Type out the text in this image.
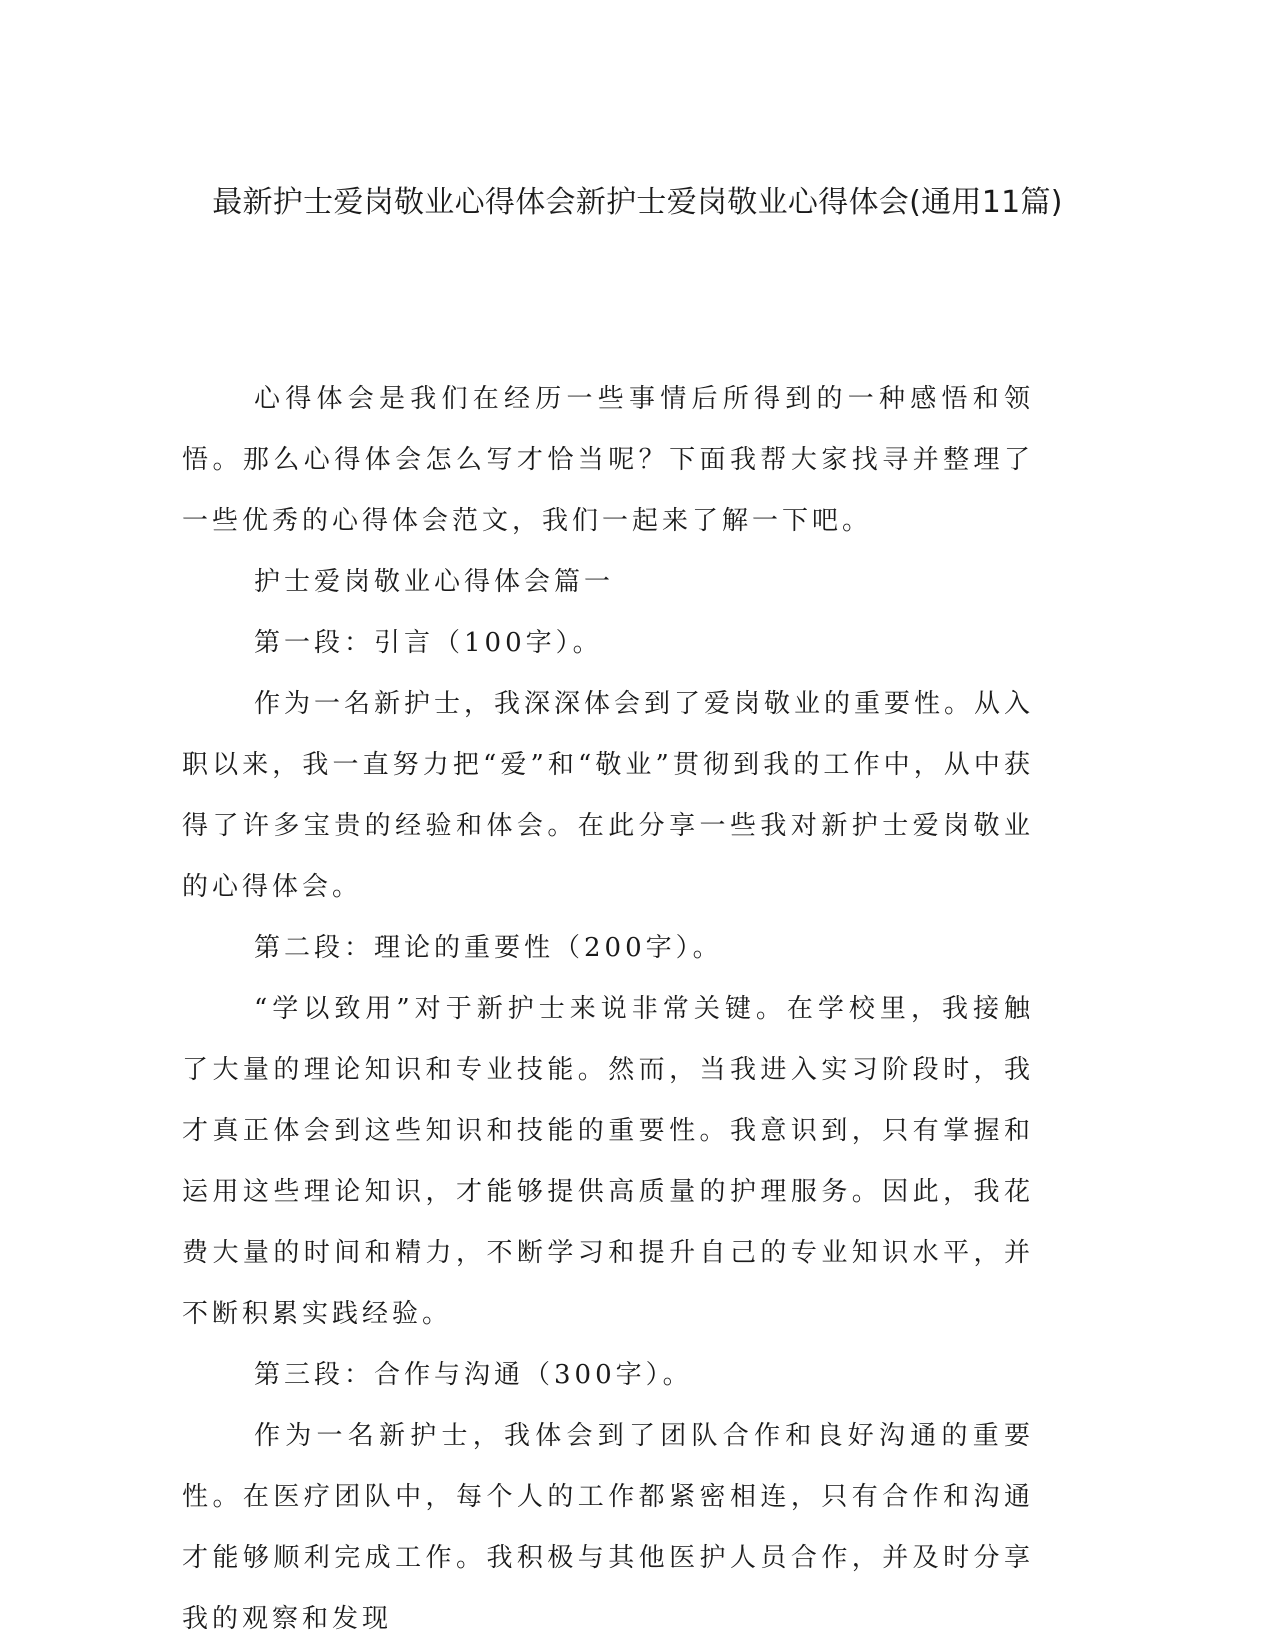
最新护士爱岗敬业心得体会新护士爱岗敬业心得体会(通用11篇)

心得体会是我们在经历一些事情后所得到的一种感悟和领悟。那么心得体会怎么写才恰当呢？下面我帮大家找寻并整理了一些优秀的心得体会范文，我们一起来了解一下吧。

护士爱岗敬业心得体会篇一

第一段：引言（100字）。

作为一名新护士，我深深体会到了爱岗敬业的重要性。从入职以来，我一直努力把“爱”和“敬业”贯彻到我的工作中，从中获得了许多宝贵的经验和体会。在此分享一些我对新护士爱岗敬业的心得体会。

第二段：理论的重要性（200字）。

“学以致用”对于新护士来说非常关键。在学校里，我接触了大量的理论知识和专业技能。然而，当我进入实习阶段时，我才真正体会到这些知识和技能的重要性。我意识到，只有掌握和运用这些理论知识，才能够提供高质量的护理服务。因此，我花费大量的时间和精力，不断学习和提升自己的专业知识水平，并不断积累实践经验。

第三段：合作与沟通（300字）。

作为一名新护士，我体会到了团队合作和良好沟通的重要性。在医疗团队中，每个人的工作都紧密相连，只有合作和沟通才能够顺利完成工作。我积极与其他医护人员合作，并及时分享我的观察和发现
